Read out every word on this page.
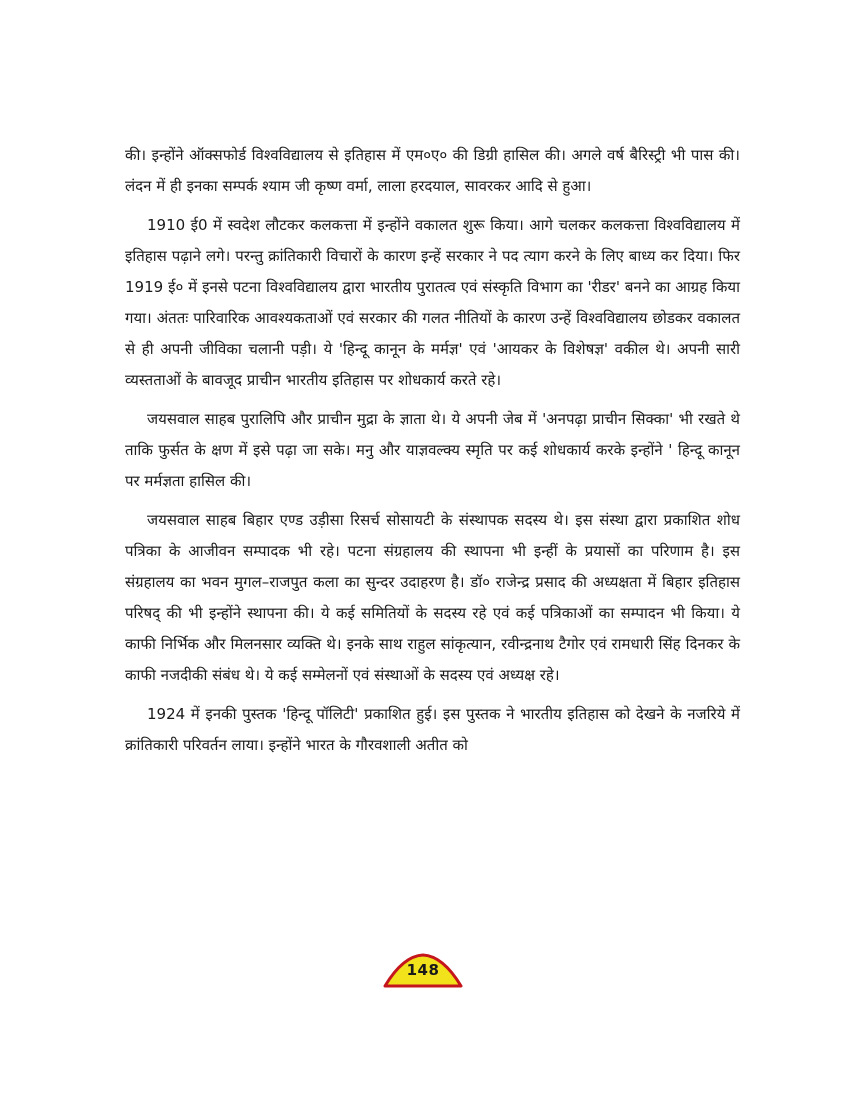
की। इन्होंने ऑक्सफोर्ड विश्वविद्यालय से इतिहास में एम०ए० की डिग्री हासिल की। अगले वर्ष बैरिस्ट्री भी पास की। लंदन में ही इनका सम्पर्क श्याम जी कृष्ण वर्मा, लाला हरदयाल, सावरकर आदि से हुआ।

1910 ई0 में स्वदेश लौटकर कलकत्ता में इन्होंने वकालत शुरू किया। आगे चलकर कलकत्ता विश्वविद्यालय में इतिहास पढ़ाने लगे। परन्तु क्रांतिकारी विचारों के कारण इन्हें सरकार ने पद त्याग करने के लिए बाध्य कर दिया। फिर 1919 ई० में इनसे पटना विश्वविद्यालय द्वारा भारतीय पुरातत्व एवं संस्कृति विभाग का 'रीडर' बनने का आग्रह किया गया। अंततः पारिवारिक आवश्यकताओं एवं सरकार की गलत नीतियों के कारण उन्हें विश्वविद्यालय छोडकर वकालत से ही अपनी जीविका चलानी पड़ी। ये 'हिन्दू कानून के मर्मज्ञ' एवं 'आयकर के विशेषज्ञ' वकील थे। अपनी सारी व्यस्तताओं के बावजूद प्राचीन भारतीय इतिहास पर शोधकार्य करते रहे।

जयसवाल साहब पुरालिपि और प्राचीन मुद्रा के ज्ञाता थे। ये अपनी जेब में 'अनपढ़ा प्राचीन सिक्का' भी रखते थे ताकि फुर्सत के क्षण में इसे पढ़ा जा सके। मनु और याज्ञवल्क्य स्मृति पर कई शोधकार्य करके इन्होंने ' हिन्दू कानून पर मर्मज्ञता हासिल की।

जयसवाल साहब बिहार एण्ड उड़ीसा रिसर्च सोसायटी के संस्थापक सदस्य थे। इस संस्था द्वारा प्रकाशित शोध पत्रिका के आजीवन सम्पादक भी रहे। पटना संग्रहालय की स्थापना भी इन्हीं के प्रयासों का परिणाम है। इस संग्रहालय का भवन मुगल–राजपुत कला का सुन्दर उदाहरण है। डॉ० राजेन्द्र प्रसाद की अध्यक्षता में बिहार इतिहास परिषद् की भी इन्होंने स्थापना की। ये कई समितियों के सदस्य रहे एवं कई पत्रिकाओं का सम्पादन भी किया। ये काफी निर्भिक और मिलनसार व्यक्ति थे। इनके साथ राहुल सांकृत्यान, रवीन्द्रनाथ टैगोर एवं रामधारी सिंह दिनकर के काफी नजदीकी संबंध थे। ये कई सम्मेलनों एवं संस्थाओं के सदस्य एवं अध्यक्ष रहे।

1924 में इनकी पुस्तक 'हिन्दू पॉलिटी' प्रकाशित हुई। इस पुस्तक ने भारतीय इतिहास को देखने के नजरिये में क्रांतिकारी परिवर्तन लाया। इन्होंने भारत के गौरवशाली अतीत को

148
